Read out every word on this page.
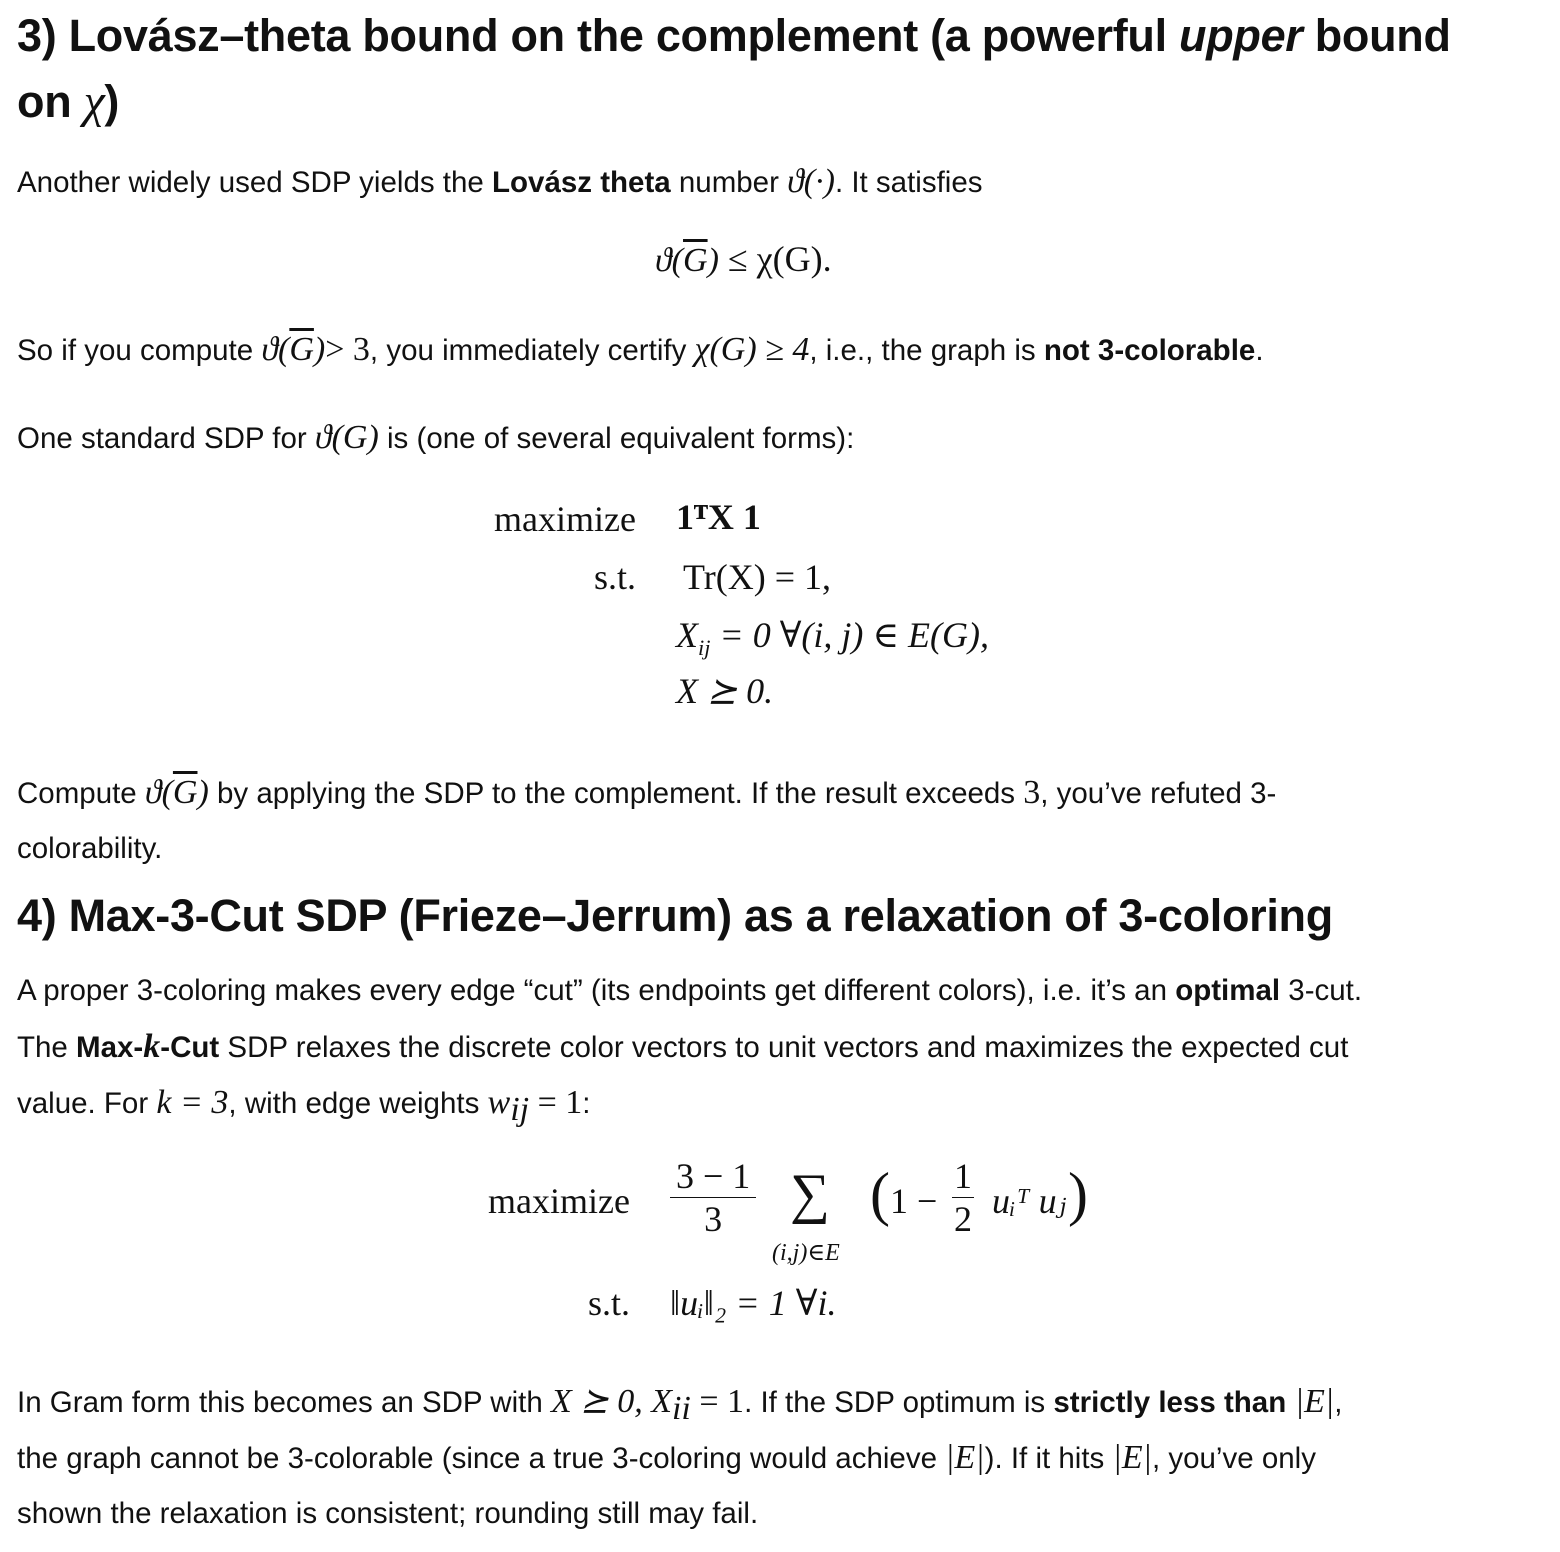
3) Lovász–theta bound on the complement (a powerful upper bound
on χ)
Another widely used SDP yields the Lovász theta number ϑ(·). It satisfies
$ϑ(\overline{G}) \le \chi(G)$.
So if you compute $ϑ(\overline{G})> 3$, you immediately certify χ(G) ≥ 4, i.e., the graph is not 3-colorable.
One standard SDP for ϑ(G) is (one of several equivalent forms):
maximize 1ᵀX 1
s.t. Tr(X) = 1,
$X_{ij} = 0$ ∀(i, j) ∈ E(G),
X ⪰ 0.
Compute $ϑ(\overline{G})$ by applying the SDP to the complement. If the result exceeds 3, you’ve refuted 3-
colorability.
4) Max-3-Cut SDP (Frieze–Jerrum) as a relaxation of 3-coloring
A proper 3-coloring makes every edge “cut” (its endpoints get different colors), i.e. it’s an optimal 3-cut.
The Max-k-Cut SDP relaxes the discrete color vectors to unit vectors and maximizes the expected cut
value. For k = 3, with edge weights $w_{ij} = 1$:
maximize $\frac{3 - 1}{3}$ ∑
(i,j)∈E
( $1 - \frac{1}{2}$ uᵢᵀ uⱼ )
s.t. ‖uᵢ‖₂ = 1 ∀i.
In Gram form this becomes an SDP with X ⪰ 0, $X_{ii} = 1$. If the SDP optimum is strictly less than |E|,
the graph cannot be 3-colorable (since a true 3-coloring would achieve |E|). If it hits |E|, you’ve only
shown the relaxation is consistent; rounding still may fail.
